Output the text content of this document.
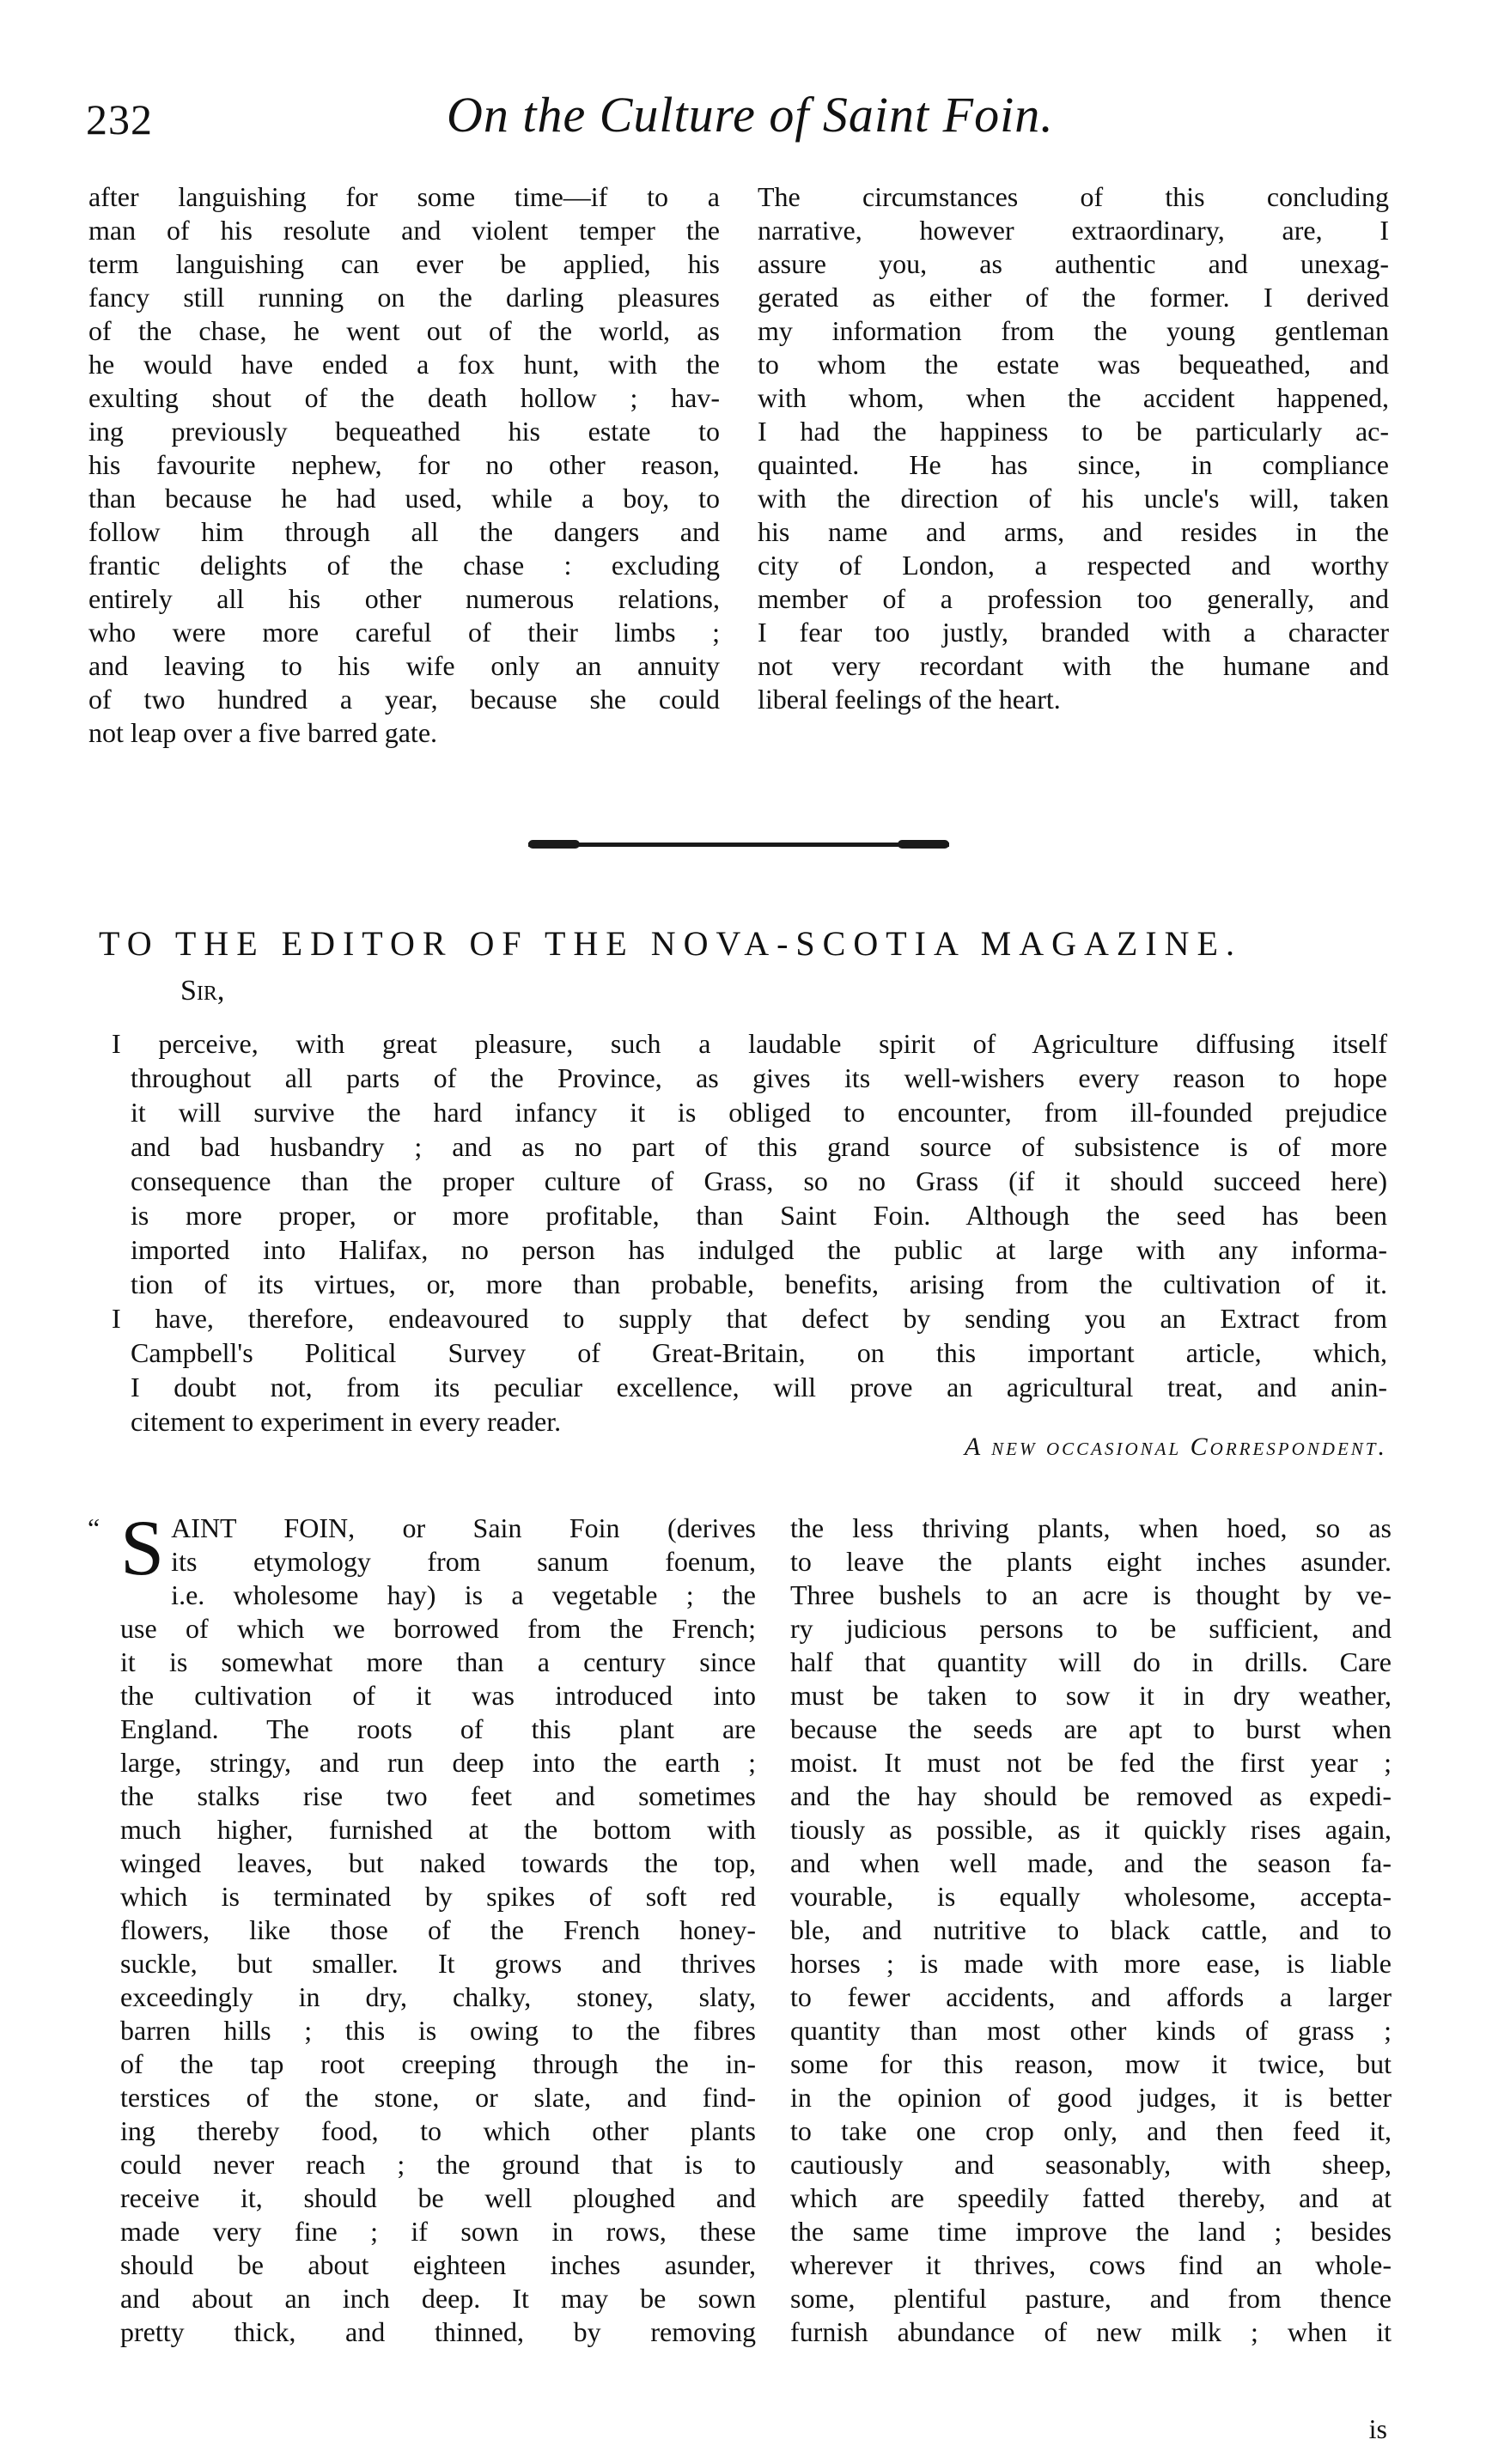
232	On the Culture of Saint Foin.
after languishing for some time—if to a
man of his resolute and violent temper the
term languishing can ever be applied, his
fancy still running on the darling pleasures
of the chase, he went out of the world, as
he would have ended a fox hunt, with the
exulting shout of the death hollow ; hav-
ing previously bequeathed his estate to
his favourite nephew, for no other reason,
than because he had used, while a boy, to
follow him through all the dangers and
frantic delights of the chase : excluding
entirely all his other numerous relations,
who were more careful of their limbs ;
and leaving to his wife only an annuity
of two hundred a year, because she could
not leap over a five barred gate.
The circumstances of this concluding
narrative, however extraordinary, are, I
assure you, as authentic and unexag-
gerated as either of the former. I derived
my information from the young gentleman
to whom the estate was bequeathed, and
with whom, when the accident happened,
I had the happiness to be particularly ac-
quainted. He has since, in compliance
with the direction of his uncle's will, taken
his name and arms, and resides in the
city of London, a respected and worthy
member of a profession too generally, and
I fear too justly, branded with a character
not very recordant with the humane and
liberal feelings of the heart.
TO THE EDITOR OF THE NOVA-SCOTIA MAGAZINE.
Sir,
I perceive, with great pleasure, such a laudable spirit of Agriculture diffusing itself
throughout all parts of the Province, as gives its well-wishers every reason to hope
it will survive the hard infancy it is obliged to encounter, from ill-founded prejudice
and bad husbandry ; and as no part of this grand source of subsistence is of more
consequence than the proper culture of Grass, so no Grass (if it should succeed here)
is more proper, or more profitable, than Saint Foin. Although the seed has been
imported into Halifax, no person has indulged the public at large with any informa-
tion of its virtues, or, more than probable, benefits, arising from the cultivation of it.
I have, therefore, endeavoured to supply that defect by sending you an Extract from
Campbell's Political Survey of Great-Britain, on this important article, which,
I doubt not, from its peculiar excellence, will prove an agricultural treat, and anin-
citement to experiment in every reader.
A new occasional Correspondent.
“ S AINT FOIN, or Sain Foin (derives
its etymology from sanum foenum,
i.e. wholesome hay) is a vegetable ; the
use of which we borrowed from the French;
it is somewhat more than a century since
the cultivation of it was introduced into
England. The roots of this plant are
large, stringy, and run deep into the earth ;
the stalks rise two feet and sometimes
much higher, furnished at the bottom with
winged leaves, but naked towards the top,
which is terminated by spikes of soft red
flowers, like those of the French honey-
suckle, but smaller. It grows and thrives
exceedingly in dry, chalky, stoney, slaty,
barren hills ; this is owing to the fibres
of the tap root creeping through the in-
terstices of the stone, or slate, and find-
ing thereby food, to which other plants
could never reach ; the ground that is to
receive it, should be well ploughed and
made very fine ; if sown in rows, these
should be about eighteen inches asunder,
and about an inch deep. It may be sown
pretty thick, and thinned, by removing
the less thriving plants, when hoed, so as
to leave the plants eight inches asunder.
Three bushels to an acre is thought by ve-
ry judicious persons to be sufficient, and
half that quantity will do in drills. Care
must be taken to sow it in dry weather,
because the seeds are apt to burst when
moist. It must not be fed the first year ;
and the hay should be removed as expedi-
tiously as possible, as it quickly rises again,
and when well made, and the season fa-
vourable, is equally wholesome, accepta-
ble, and nutritive to black cattle, and to
horses ; is made with more ease, is liable
to fewer accidents, and affords a larger
quantity than most other kinds of grass ;
some for this reason, mow it twice, but
in the opinion of good judges, it is better
to take one crop only, and then feed it,
cautiously and seasonably, with sheep,
which are speedily fatted thereby, and at
the same time improve the land ; besides
wherever it thrives, cows find an whole-
some, plentiful pasture, and from thence
furnish abundance of new milk ; when it
is
